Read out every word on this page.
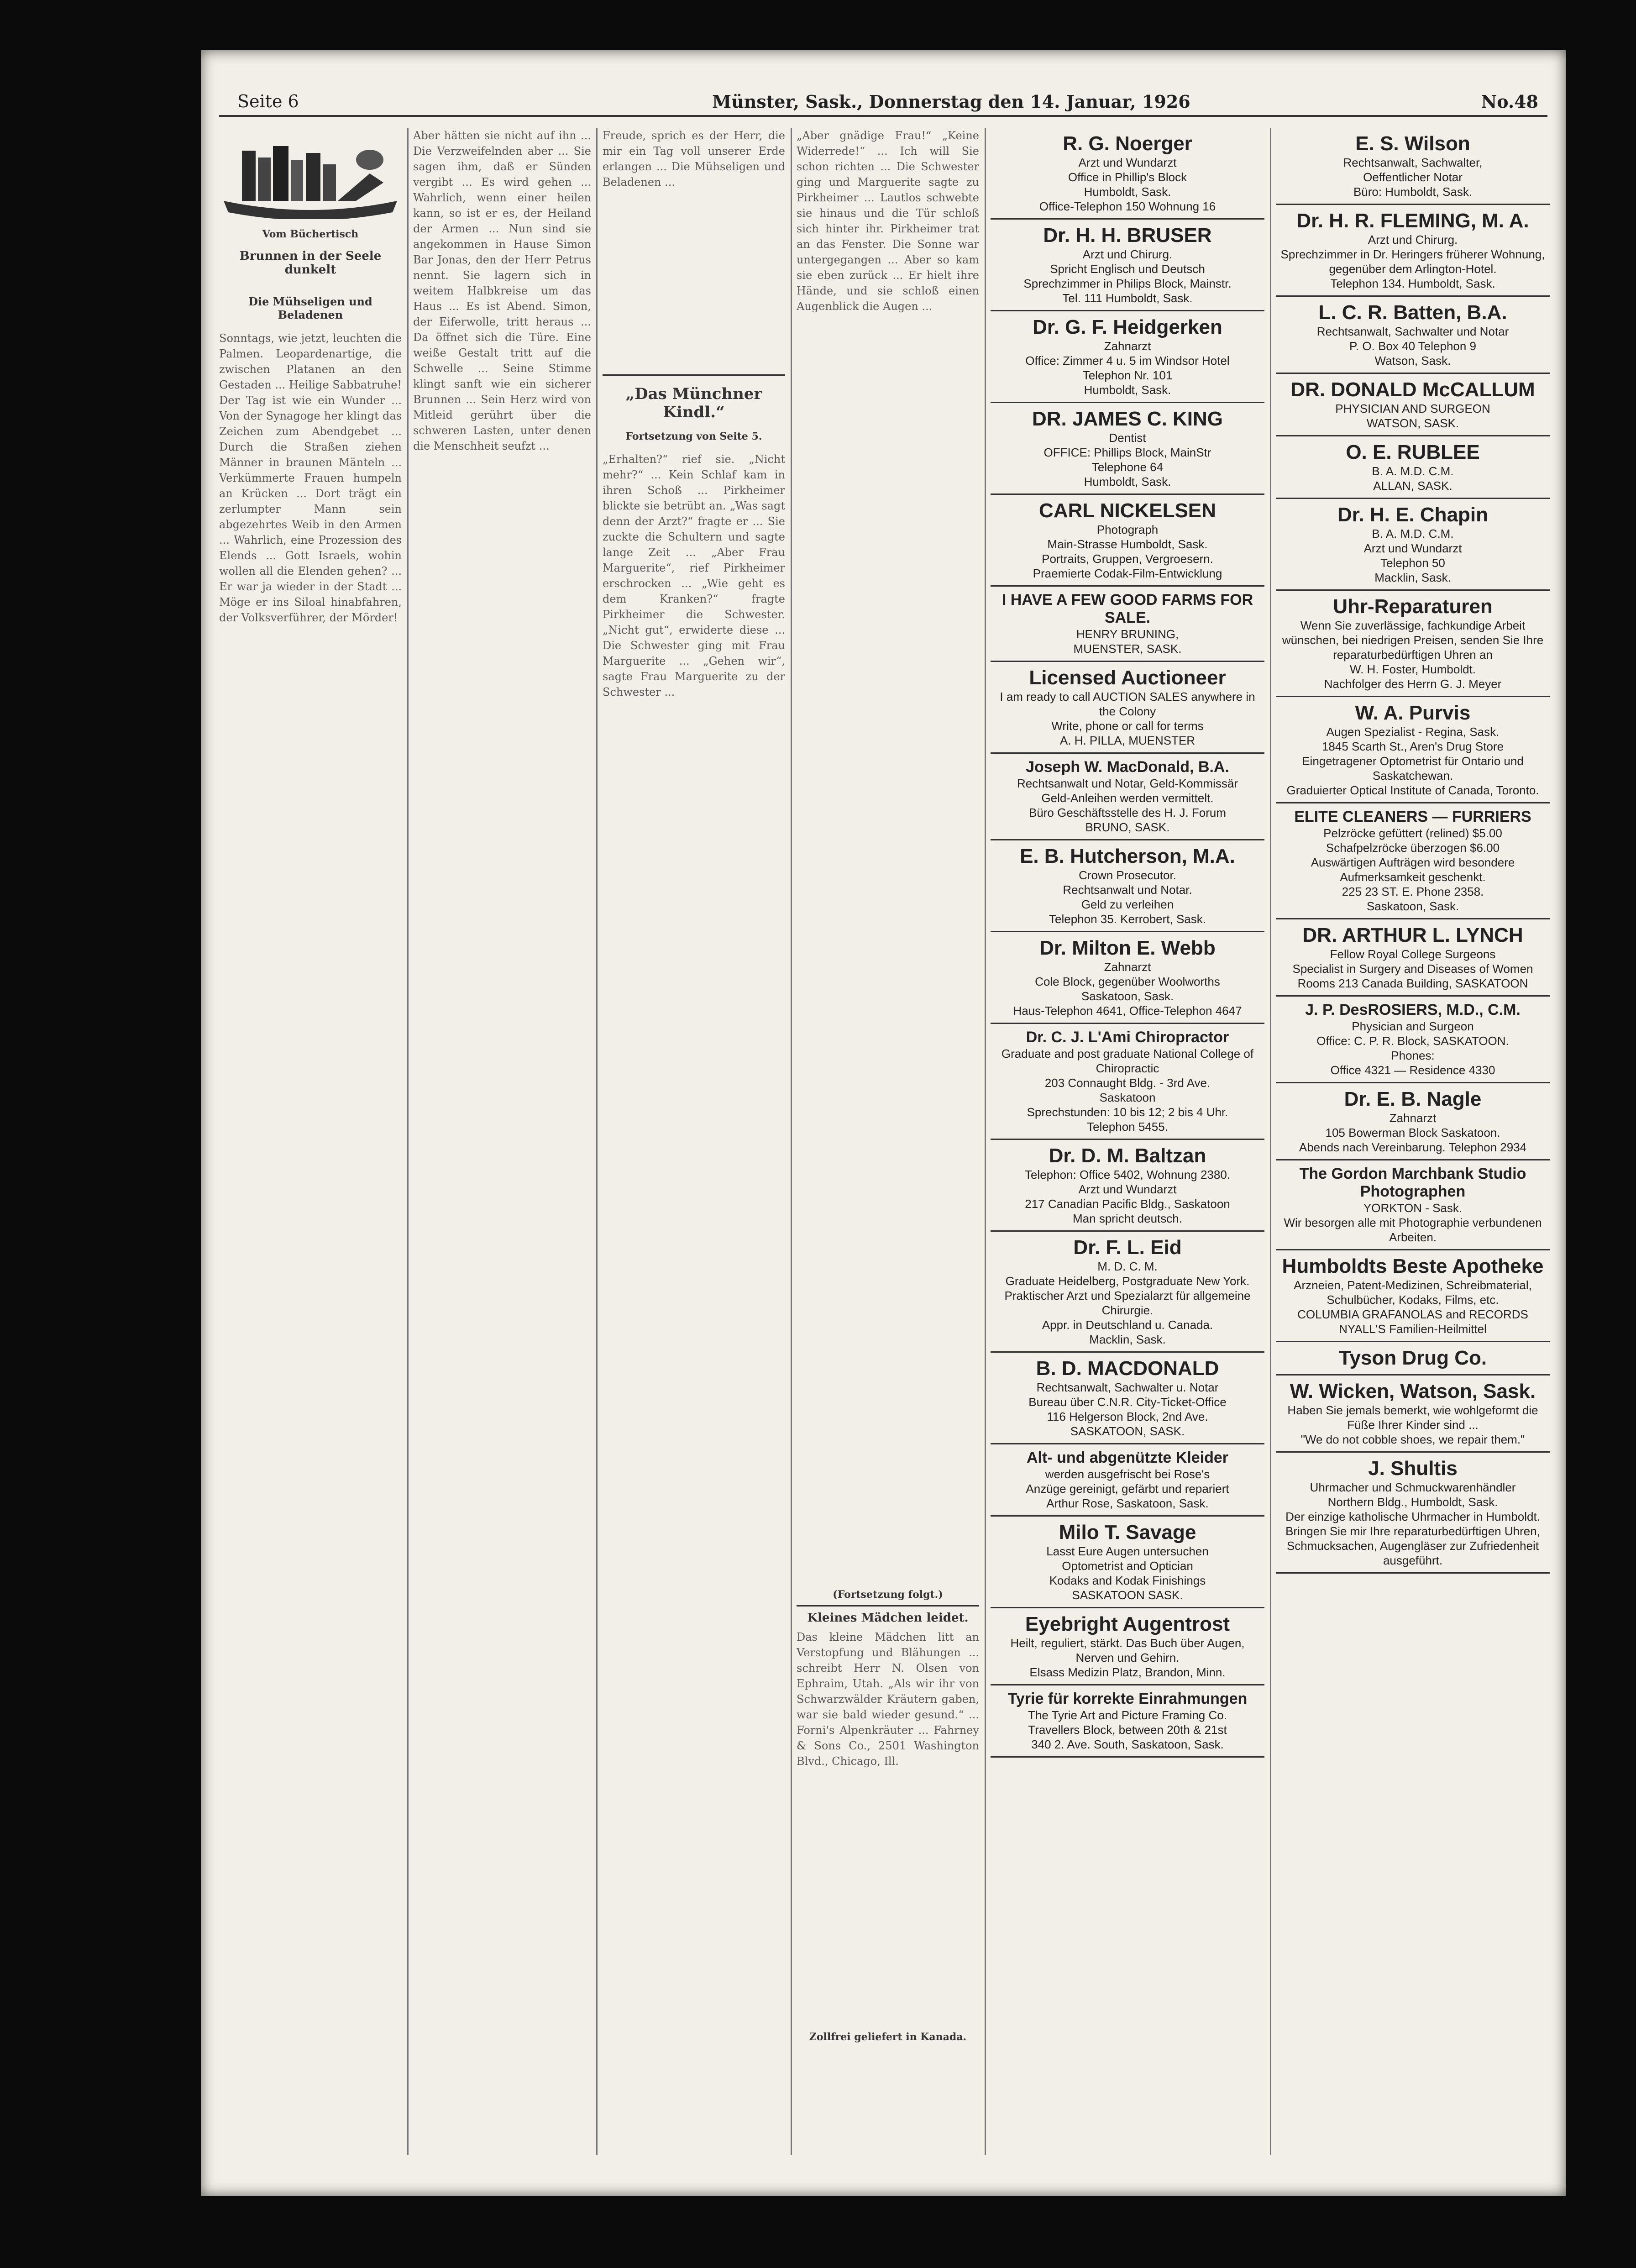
Seite 6	Münster, Sask., Donnerstag den 14. Januar, 1926	No.48
Vom Büchertisch
Brunnen in der Seele dunkelt
Die Mühseligen und Beladenen
Sonntags, wie jetzt, leuchten die Palmen. Leopardenartige, die zwischen Platanen an den Gestaden ... Heilige Sabbatruhe! Der Tag ist wie ein Wunder ... Von der Synagoge her klingt das Zeichen zum Abendgebet ... Durch die Straßen ziehen Männer in braunen Mänteln ... Verkümmerte Frauen humpeln an Krücken ... Dort trägt ein zerlumpter Mann sein abgezehrtes Weib in den Armen ... Wahrlich, eine Prozession des Elends ... Gott Israels, wohin wollen all die Elenden gehen? ... Er war ja wieder in der Stadt ... Möge er ins Siloal hinabfahren, der Volksverführer, der Mörder!
Aber hätten sie nicht auf ihn ... Die Verzweifelnden aber ... Sie sagen ihm, daß er Sünden vergibt ... Es wird gehen ... Wahrlich, wenn einer heilen kann, so ist er es, der Heiland der Armen ... Nun sind sie angekommen in Hause Simon Bar Jonas, den der Herr Petrus nennt. Sie lagern sich in weitem Halbkreise um das Haus ... Es ist Abend. Simon, der Eiferwolle, tritt heraus ... Da öffnet sich die Türe. Eine weiße Gestalt tritt auf die Schwelle ... Seine Stimme klingt sanft wie ein sicherer Brunnen ... Sein Herz wird von Mitleid gerührt über die schweren Lasten, unter denen die Menschheit seufzt ...
Freude, sprich es der Herr, die mir ein Tag voll unserer Erde erlangen ... Die Mühseligen und Beladenen ...
„Das Münchner Kindl.“
Fortsetzung von Seite 5.
„Erhalten?“ rief sie. „Nicht mehr?“ ... Kein Schlaf kam in ihren Schoß ... Pirkheimer blickte sie betrübt an. „Was sagt denn der Arzt?“ fragte er ... Sie zuckte die Schultern und sagte lange Zeit ... „Aber Frau Marguerite“, rief Pirkheimer erschrocken ... „Wie geht es dem Kranken?“ fragte Pirkheimer die Schwester. „Nicht gut“, erwiderte diese ... Die Schwester ging mit Frau Marguerite ... „Gehen wir“, sagte Frau Marguerite zu der Schwester ...
„Aber gnädige Frau!“ „Keine Widerrede!“ ... Ich will Sie schon richten ... Die Schwester ging und Marguerite sagte zu Pirkheimer ... Lautlos schwebte sie hinaus und die Tür schloß sich hinter ihr. Pirkheimer trat an das Fenster. Die Sonne war untergegangen ... Aber so kam sie eben zurück ... Er hielt ihre Hände, und sie schloß einen Augenblick die Augen ...
(Fortsetzung folgt.)
Kleines Mädchen leidet.
Das kleine Mädchen litt an Verstopfung und Blähungen ... schreibt Herr N. Olsen von Ephraim, Utah. „Als wir ihr von Schwarzwälder Kräutern gaben, war sie bald wieder gesund.“ ... Forni's Alpenkräuter ... Fahrney & Sons Co., 2501 Washington Blvd., Chicago, Ill.
Zollfrei geliefert in Kanada.
R. G. Noerger
Arzt und Wundarzt
Office in Phillip's Block
Humboldt, Sask.
Office-Telephon 150 Wohnung 16
Dr. H. H. BRUSER
Arzt und Chirurg.
Spricht Englisch und Deutsch
Sprechzimmer in Philips Block, Mainstr.
Tel. 111 Humboldt, Sask.
Dr. G. F. Heidgerken
Zahnarzt
Office: Zimmer 4 u. 5 im Windsor Hotel
Telephon Nr. 101
Humboldt, Sask.
DR. JAMES C. KING
Dentist
OFFICE: Phillips Block, MainStr
Telephone 64
Humboldt, Sask.
CARL NICKELSEN
Photograph
Main-Strasse Humboldt, Sask.
Portraits, Gruppen, Vergroesern.
Praemierte Codak-Film-Entwicklung
I HAVE A FEW GOOD FARMS FOR SALE.
HENRY BRUNING,
MUENSTER, SASK.
Licensed Auctioneer
I am ready to call AUCTION SALES anywhere in the Colony
Write, phone or call for terms
A. H. PILLA, MUENSTER
Joseph W. MacDonald, B.A.
Rechtsanwalt und Notar, Geld-Kommissär
Geld-Anleihen werden vermittelt.
Büro Geschäftsstelle des H. J. Forum
BRUNO, SASK.
E. B. Hutcherson, M.A.
Crown Prosecutor.
Rechtsanwalt und Notar.
Geld zu verleihen
Telephon 35. Kerrobert, Sask.
Dr. Milton E. Webb
Zahnarzt
Cole Block, gegenüber Woolworths
Saskatoon, Sask.
Haus-Telephon 4641, Office-Telephon 4647
Dr. C. J. L'Ami Chiropractor
Graduate and post graduate National College of Chiropractic
203 Connaught Bldg. - 3rd Ave.
Saskatoon
Sprechstunden: 10 bis 12; 2 bis 4 Uhr.
Telephon 5455.
Dr. D. M. Baltzan
Telephon: Office 5402, Wohnung 2380.
Arzt und Wundarzt
217 Canadian Pacific Bldg., Saskatoon
Man spricht deutsch.
Dr. F. L. Eid
M. D. C. M.
Graduate Heidelberg, Postgraduate New York.
Praktischer Arzt und Spezialarzt für allgemeine Chirurgie.
Appr. in Deutschland u. Canada.
Macklin, Sask.
B. D. MACDONALD
Rechtsanwalt, Sachwalter u. Notar
Bureau über C.N.R. City-Ticket-Office
116 Helgerson Block, 2nd Ave.
SASKATOON, SASK.
Alt- und abgenützte Kleider
werden ausgefrischt bei Rose's
Anzüge gereinigt, gefärbt und repariert
Arthur Rose, Saskatoon, Sask.
Milo T. Savage
Lasst Eure Augen untersuchen
Optometrist and Optician
Kodaks and Kodak Finishings
SASKATOON SASK.
Eyebright Augentrost
Heilt, reguliert, stärkt. Das Buch über Augen, Nerven und Gehirn.
Elsass Medizin Platz, Brandon, Minn.
Tyrie für korrekte Einrahmungen
The Tyrie Art and Picture Framing Co.
Travellers Block, between 20th & 21st
340 2. Ave. South, Saskatoon, Sask.
E. S. Wilson
Rechtsanwalt, Sachwalter,
Oeffentlicher Notar
Büro: Humboldt, Sask.
Dr. H. R. FLEMING, M. A.
Arzt und Chirurg.
Sprechzimmer in Dr. Heringers früherer Wohnung, gegenüber dem Arlington-Hotel.
Telephon 134. Humboldt, Sask.
L. C. R. Batten, B.A.
Rechtsanwalt, Sachwalter und Notar
P. O. Box 40 Telephon 9
Watson, Sask.
DR. DONALD McCALLUM
PHYSICIAN AND SURGEON
WATSON, SASK.
O. E. RUBLEE
B. A. M.D. C.M.
ALLAN, SASK.
Dr. H. E. Chapin
B. A. M.D. C.M.
Arzt und Wundarzt
Telephon 50
Macklin, Sask.
Uhr-Reparaturen
Wenn Sie zuverlässige, fachkundige Arbeit wünschen, bei niedrigen Preisen, senden Sie Ihre reparaturbedürftigen Uhren an
W. H. Foster, Humboldt.
Nachfolger des Herrn G. J. Meyer
W. A. Purvis
Augen Spezialist - Regina, Sask.
1845 Scarth St., Aren's Drug Store
Eingetragener Optometrist für Ontario und Saskatchewan.
Graduierter Optical Institute of Canada, Toronto.
ELITE CLEANERS — FURRIERS
Pelzröcke gefüttert (relined) $5.00
Schafpelzröcke überzogen $6.00
Auswärtigen Aufträgen wird besondere Aufmerksamkeit geschenkt.
225 23 ST. E. Phone 2358.
Saskatoon, Sask.
DR. ARTHUR L. LYNCH
Fellow Royal College Surgeons
Specialist in Surgery and Diseases of Women
Rooms 213 Canada Building, SASKATOON
J. P. DesROSIERS, M.D., C.M.
Physician and Surgeon
Office: C. P. R. Block, SASKATOON.
Phones:
Office 4321 — Residence 4330
Dr. E. B. Nagle
Zahnarzt
105 Bowerman Block Saskatoon.
Abends nach Vereinbarung. Telephon 2934
The Gordon Marchbank Studio Photographen
YORKTON - Sask.
Wir besorgen alle mit Photographie verbundenen Arbeiten.
Humboldts Beste Apotheke
Arzneien, Patent-Medizinen, Schreibmaterial, Schulbücher, Kodaks, Films, etc.
COLUMBIA GRAFANOLAS and RECORDS
NYALL'S Familien-Heilmittel
Tyson Drug Co.
W. Wicken, Watson, Sask.
Haben Sie jemals bemerkt, wie wohlgeformt die Füße Ihrer Kinder sind ...
"We do not cobble shoes, we repair them."
J. Shultis
Uhrmacher und Schmuckwarenhändler
Northern Bldg., Humboldt, Sask.
Der einzige katholische Uhrmacher in Humboldt.
Bringen Sie mir Ihre reparaturbedürftigen Uhren, Schmucksachen, Augengläser zur Zufriedenheit ausgeführt.
